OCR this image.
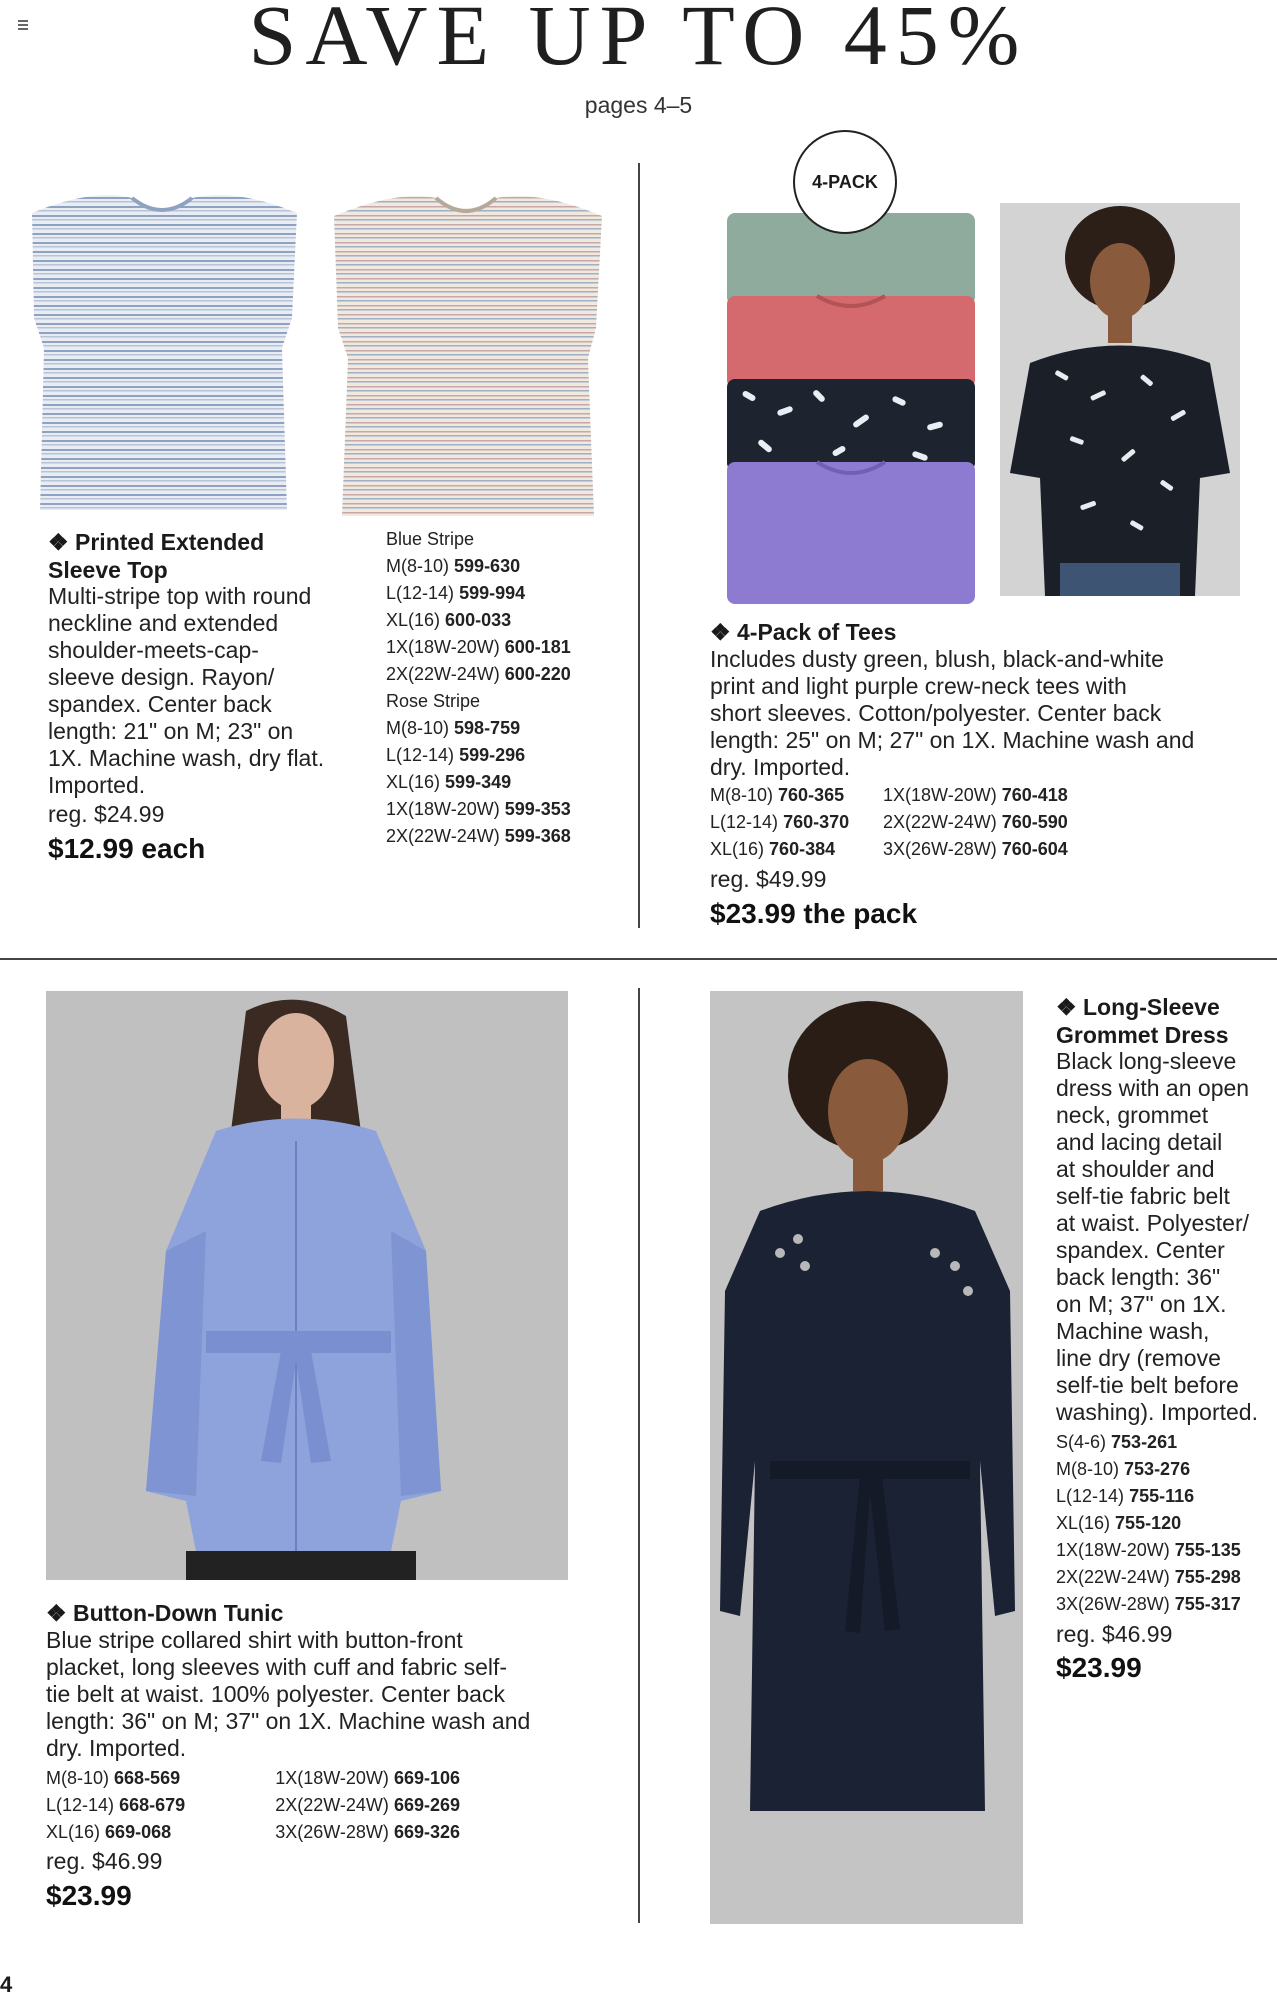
SAVE UP TO 45%
pages 4–5
❖ Printed Extended
Sleeve Top
Multi-stripe top with round
neckline and extended
shoulder-meets-cap-
sleeve design. Rayon/
spandex. Center back
length: 21" on M; 23" on
1X. Machine wash, dry flat.
Imported.
reg. $24.99
$12.99 each
Blue Stripe
M(8-10) 599-630
L(12-14) 599-994
XL(16) 600-033
1X(18W-20W) 600-181
2X(22W-24W) 600-220
Rose Stripe
M(8-10) 598-759
L(12-14) 599-296
XL(16) 599-349
1X(18W-20W) 599-353
2X(22W-24W) 599-368
4-PACK
❖ 4-Pack of Tees
Includes dusty green, blush, black-and-white
print and light purple crew-neck tees with
short sleeves. Cotton/polyester. Center back
length: 25" on M; 27" on 1X. Machine wash and
dry. Imported.
M(8-10) 760-365
L(12-14) 760-370
XL(16) 760-384
1X(18W-20W) 760-418
2X(22W-24W) 760-590
3X(26W-28W) 760-604
reg. $49.99
$23.99 the pack
❖ Button-Down Tunic
Blue stripe collared shirt with button-front
placket, long sleeves with cuff and fabric self-
tie belt at waist. 100% polyester. Center back
length: 36" on M; 37" on 1X. Machine wash and
dry. Imported.
M(8-10) 668-569
L(12-14) 668-679
XL(16) 669-068
1X(18W-20W) 669-106
2X(22W-24W) 669-269
3X(26W-28W) 669-326
reg. $46.99
$23.99
❖ Long-Sleeve
Grommet Dress
Black long-sleeve
dress with an open
neck, grommet
and lacing detail
at shoulder and
self-tie fabric belt
at waist. Polyester/
spandex. Center
back length: 36"
on M; 37" on 1X.
Machine wash,
line dry (remove
self-tie belt before
washing). Imported.
S(4-6) 753-261
M(8-10) 753-276
L(12-14) 755-116
XL(16) 755-120
1X(18W-20W) 755-135
2X(22W-24W) 755-298
3X(26W-28W) 755-317
reg. $46.99
$23.99
4
